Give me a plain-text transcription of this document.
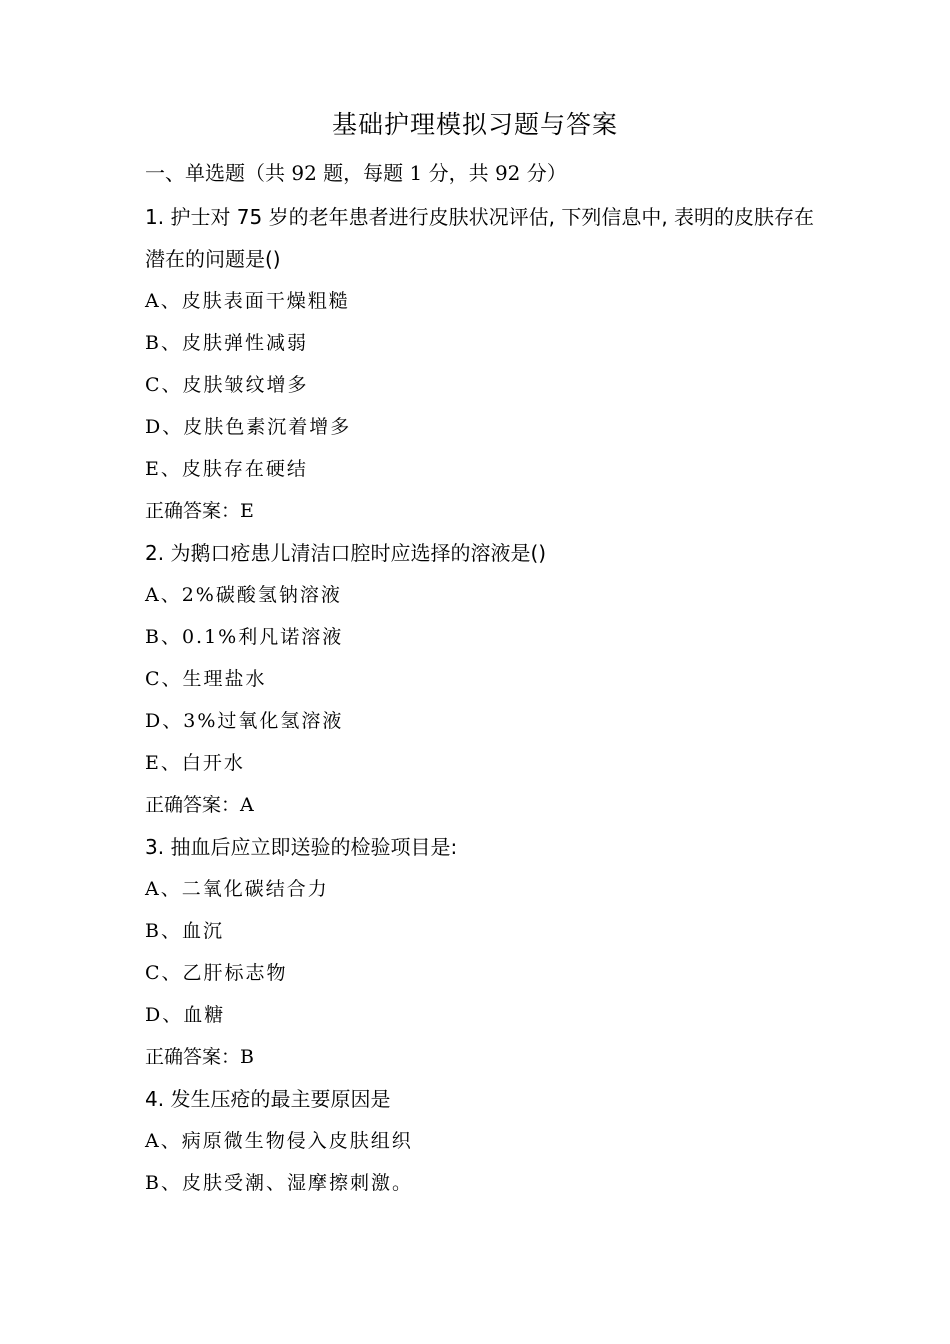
基础护理模拟习题与答案
一、单选题（共 92 题，每题 1 分，共 92 分）

1. 护士对 75 岁的老年患者进行皮肤状况评估, 下列信息中, 表明的皮肤存在潜在的问题是()

A、皮肤表面干燥粗糙

B、皮肤弹性减弱

C、皮肤皱纹增多

D、皮肤色素沉着增多

E、皮肤存在硬结

正确答案：E

2. 为鹅口疮患儿清洁口腔时应选择的溶液是()

A、2%碳酸氢钠溶液

B、0.1%利凡诺溶液

C、生理盐水

D、3%过氧化氢溶液

E、白开水

正确答案：A

3. 抽血后应立即送验的检验项目是:

A、二氧化碳结合力

B、血沉

C、乙肝标志物

D、血糖

正确答案：B

4. 发生压疮的最主要原因是

A、病原微生物侵入皮肤组织

B、皮肤受潮、湿摩擦刺激。
